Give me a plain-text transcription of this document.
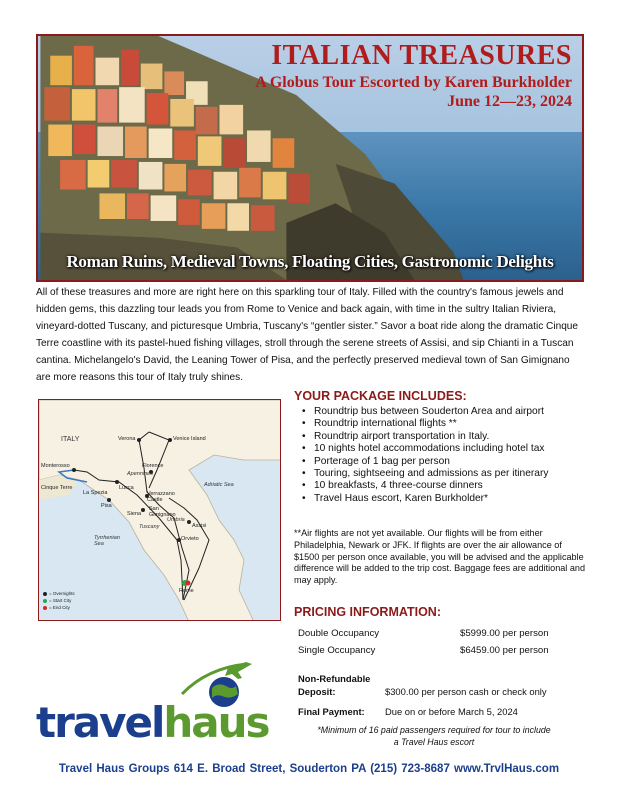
ITALIAN TREASURES
A Globus Tour Escorted by Karen Burkholder
June 12—23, 2024
Roman Ruins, Medieval Towns, Floating Cities, Gastronomic Delights

All of these treasures and more are right here on this sparkling tour of Italy. Filled with the country's famous jewels and hidden gems, this dazzling tour leads you from Rome to Venice and back again, with time in the sultry Italian Riviera, vineyard-dotted Tuscany, and picturesque Umbria, Tuscany's “gentler sister.” Savor a boat ride along the dramatic Cinque Terre coastline with its pastel-hued fishing villages, stroll through the serene streets of Assisi, and sip Chianti in a Tuscan cantina. Michelangelo's David, the Leaning Tower of Pisa, and the perfectly preserved medieval town of San Gimignano are more reasons this tour of Italy truly shines.

ITALY
Apennines
Tuscany
Umbria
Adriatic Sea
Tyrrhenian Sea
Verona	Venice Island
Monterosso
Cinque Terre
La Spezia
Lucca
Florence
Pisa
Verrazzano Castle
San Gimignano
Siena
Assisi
Orvieto
Rome
= Overnights
= Start City
= End City
YOUR PACKAGE INCLUDES:
• Roundtrip bus between Souderton Area and airport
• Roundtrip international flights **
• Roundtrip airport transportation in Italy.
• 10 nights hotel accommodations including hotel tax
• Porterage of 1 bag per person
• Touring, sightseeing and admissions as per itinerary
• 10 breakfasts, 4 three-course dinners
• Travel Haus escort, Karen Burkholder*

**Air flights are not yet available. Our flights will be from either Philadelphia, Newark or JFK. If flights are over the air allowance of $1500 per person once available, you will be advised and the applicable difference will be added to the trip cost. Baggage fees are additional and may apply.

PRICING INFORMATION:
Double Occupancy	$5999.00 per person
Single Occupancy	$6459.00 per person
Non-Refundable
Deposit:	$300.00 per person cash or check only
Final Payment: Due on or before March 5, 2024

*Minimum of 16 paid passengers required for tour to include a Travel Haus escort

travelhaus
Travel Haus Groups 614 E. Broad Street, Souderton PA (215) 723-8687 www.TrvlHaus.com
